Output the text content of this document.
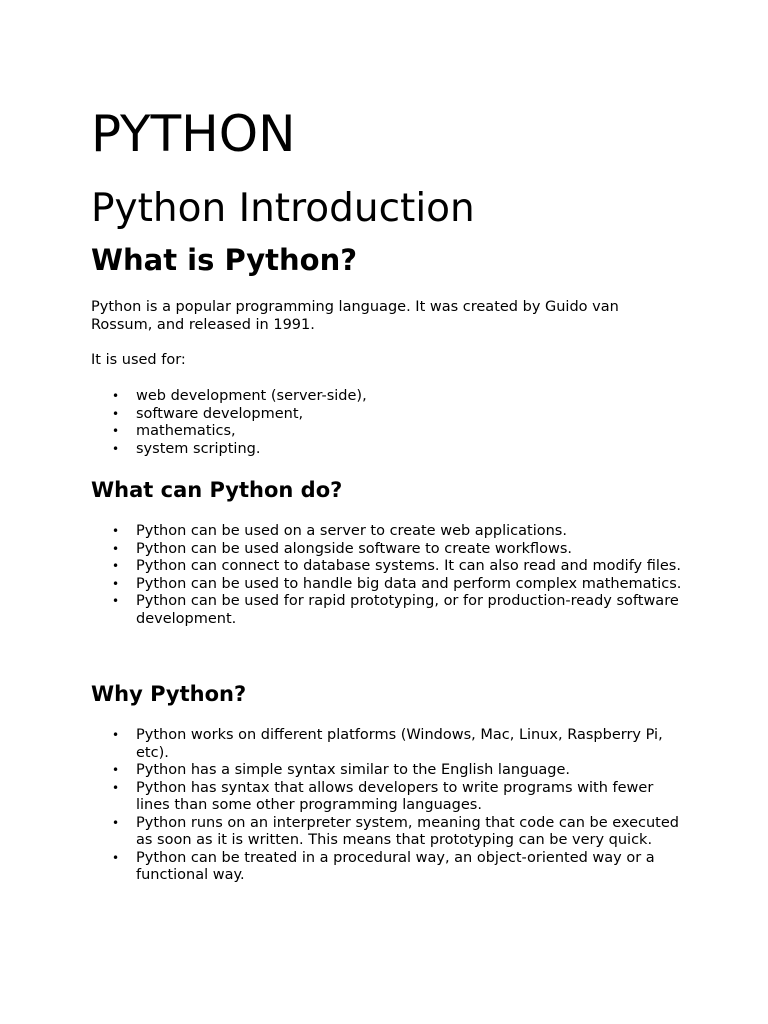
PYTHON
Python Introduction
What is Python?

Python is a popular programming language. It was created by Guido van Rossum, and released in 1991.

It is used for:

• web development (server-side),
• software development,
• mathematics,
• system scripting.
What can Python do?
• Python can be used on a server to create web applications.
• Python can be used alongside software to create workflows.
• Python can connect to database systems. It can also read and modify files.
• Python can be used to handle big data and perform complex mathematics.
• Python can be used for rapid prototyping, or for production-ready software development.
Why Python?
• Python works on different platforms (Windows, Mac, Linux, Raspberry Pi, etc).
• Python has a simple syntax similar to the English language.
• Python has syntax that allows developers to write programs with fewer lines than some other programming languages.
• Python runs on an interpreter system, meaning that code can be executed as soon as it is written. This means that prototyping can be very quick.
• Python can be treated in a procedural way, an object-oriented way or a functional way.
